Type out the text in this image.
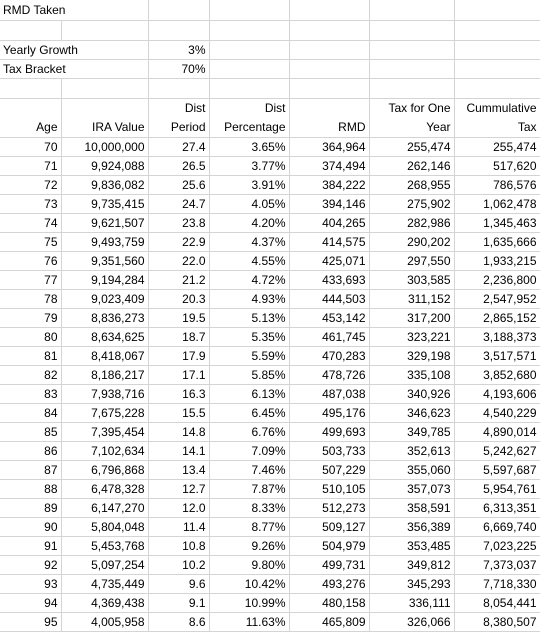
RMD Taken						

Yearly Growth		3%				
Tax Bracket		70%				

Age	IRA Value	Dist Period	Dist Percentage	RMD	Tax for One Year	Cummulative Tax
70	10,000,000	27.4	3.65%	364,964	255,474	255,474
71	9,924,088	26.5	3.77%	374,494	262,146	517,620
72	9,836,082	25.6	3.91%	384,222	268,955	786,576
73	9,735,415	24.7	4.05%	394,146	275,902	1,062,478
74	9,621,507	23.8	4.20%	404,265	282,986	1,345,463
75	9,493,759	22.9	4.37%	414,575	290,202	1,635,666
76	9,351,560	22.0	4.55%	425,071	297,550	1,933,215
77	9,194,284	21.2	4.72%	433,693	303,585	2,236,800
78	9,023,409	20.3	4.93%	444,503	311,152	2,547,952
79	8,836,273	19.5	5.13%	453,142	317,200	2,865,152
80	8,634,625	18.7	5.35%	461,745	323,221	3,188,373
81	8,418,067	17.9	5.59%	470,283	329,198	3,517,571
82	8,186,217	17.1	5.85%	478,726	335,108	3,852,680
83	7,938,716	16.3	6.13%	487,038	340,926	4,193,606
84	7,675,228	15.5	6.45%	495,176	346,623	4,540,229
85	7,395,454	14.8	6.76%	499,693	349,785	4,890,014
86	7,102,634	14.1	7.09%	503,733	352,613	5,242,627
87	6,796,868	13.4	7.46%	507,229	355,060	5,597,687
88	6,478,328	12.7	7.87%	510,105	357,073	5,954,761
89	6,147,270	12.0	8.33%	512,273	358,591	6,313,351
90	5,804,048	11.4	8.77%	509,127	356,389	6,669,740
91	5,453,768	10.8	9.26%	504,979	353,485	7,023,225
92	5,097,254	10.2	9.80%	499,731	349,812	7,373,037
93	4,735,449	9.6	10.42%	493,276	345,293	7,718,330
94	4,369,438	9.1	10.99%	480,158	336,111	8,054,441
95	4,005,958	8.6	11.63%	465,809	326,066	8,380,507
